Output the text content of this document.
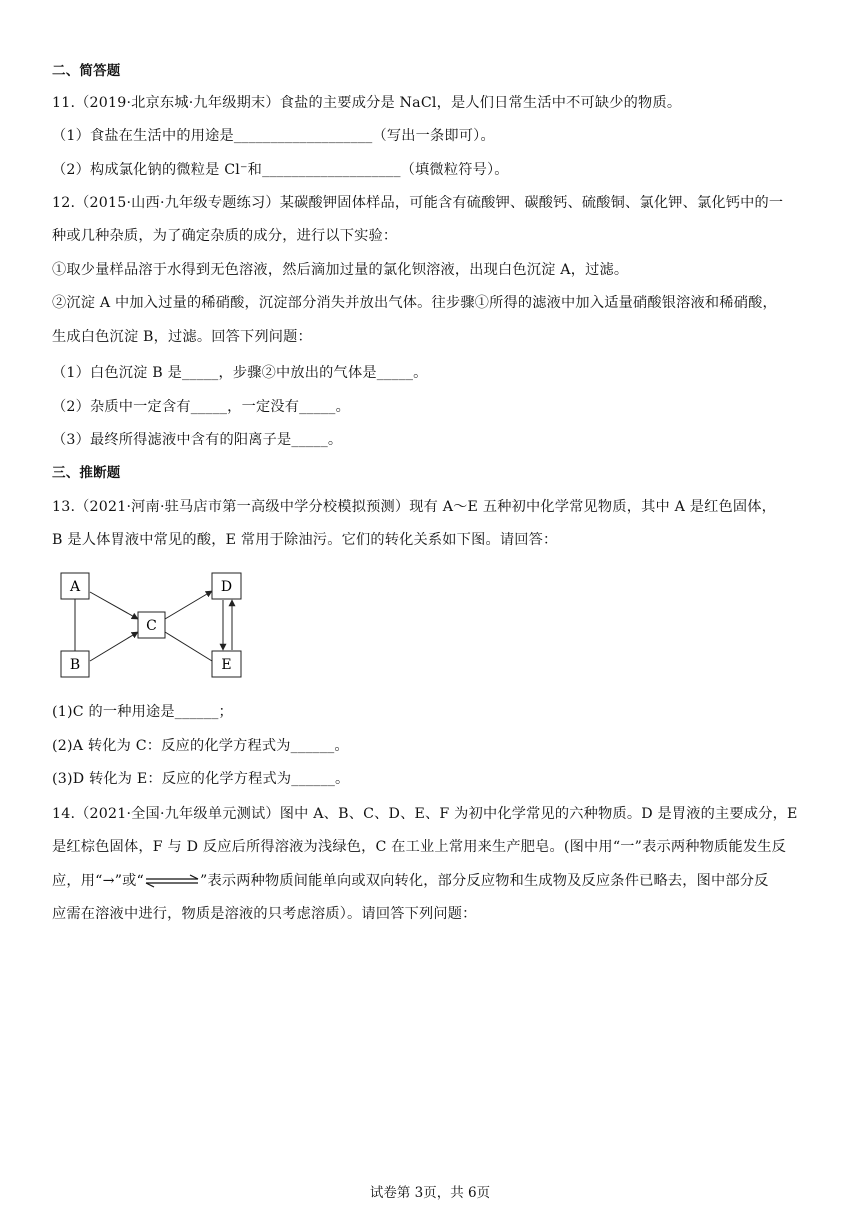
二、简答题
11.（2019·北京东城·九年级期末）食盐的主要成分是 NaCl，是人们日常生活中不可缺少的物质。
（1）食盐在生活中的用途是___________________（写出一条即可）。
（2）构成氯化钠的微粒是 Cl⁻和___________________（填微粒符号）。
12.（2015·山西·九年级专题练习）某碳酸钾固体样品，可能含有硫酸钾、碳酸钙、硫酸铜、氯化钾、氯化钙中的一
种或几种杂质，为了确定杂质的成分，进行以下实验：
①取少量样品溶于水得到无色溶液，然后滴加过量的氯化钡溶液，出现白色沉淀 A，过滤。
②沉淀 A 中加入过量的稀硝酸，沉淀部分消失并放出气体。往步骤①所得的滤液中加入适量硝酸银溶液和稀硝酸，
生成白色沉淀 B，过滤。回答下列问题：
（1）白色沉淀 B 是_____，步骤②中放出的气体是_____。
（2）杂质中一定含有_____，一定没有_____。
（3）最终所得滤液中含有的阳离子是_____。
三、推断题
13.（2021·河南·驻马店市第一高级中学分校模拟预测）现有 A～E 五种初中化学常见物质，其中 A 是红色固体，
B 是人体胃液中常见的酸，E 常用于除油污。它们的转化关系如下图。请回答：
A
B
C
D
E
(1)C 的一种用途是______；
(2)A 转化为 C：反应的化学方程式为______。
(3)D 转化为 E：反应的化学方程式为______。
14.（2021·全国·九年级单元测试）图中 A、B、C、D、E、F 为初中化学常见的六种物质。D 是胃液的主要成分，E
是红棕色固体，F 与 D 反应后所得溶液为浅绿色，C 在工业上常用来生产肥皂。(图中用“一”表示两种物质能发生反
应，用“→”或“	”表示两种物质间能单向或双向转化，部分反应物和生成物及反应条件已略去，图中部分反
应需在溶液中进行，物质是溶液的只考虑溶质）。请回答下列问题：
试卷第 3页，共 6页
